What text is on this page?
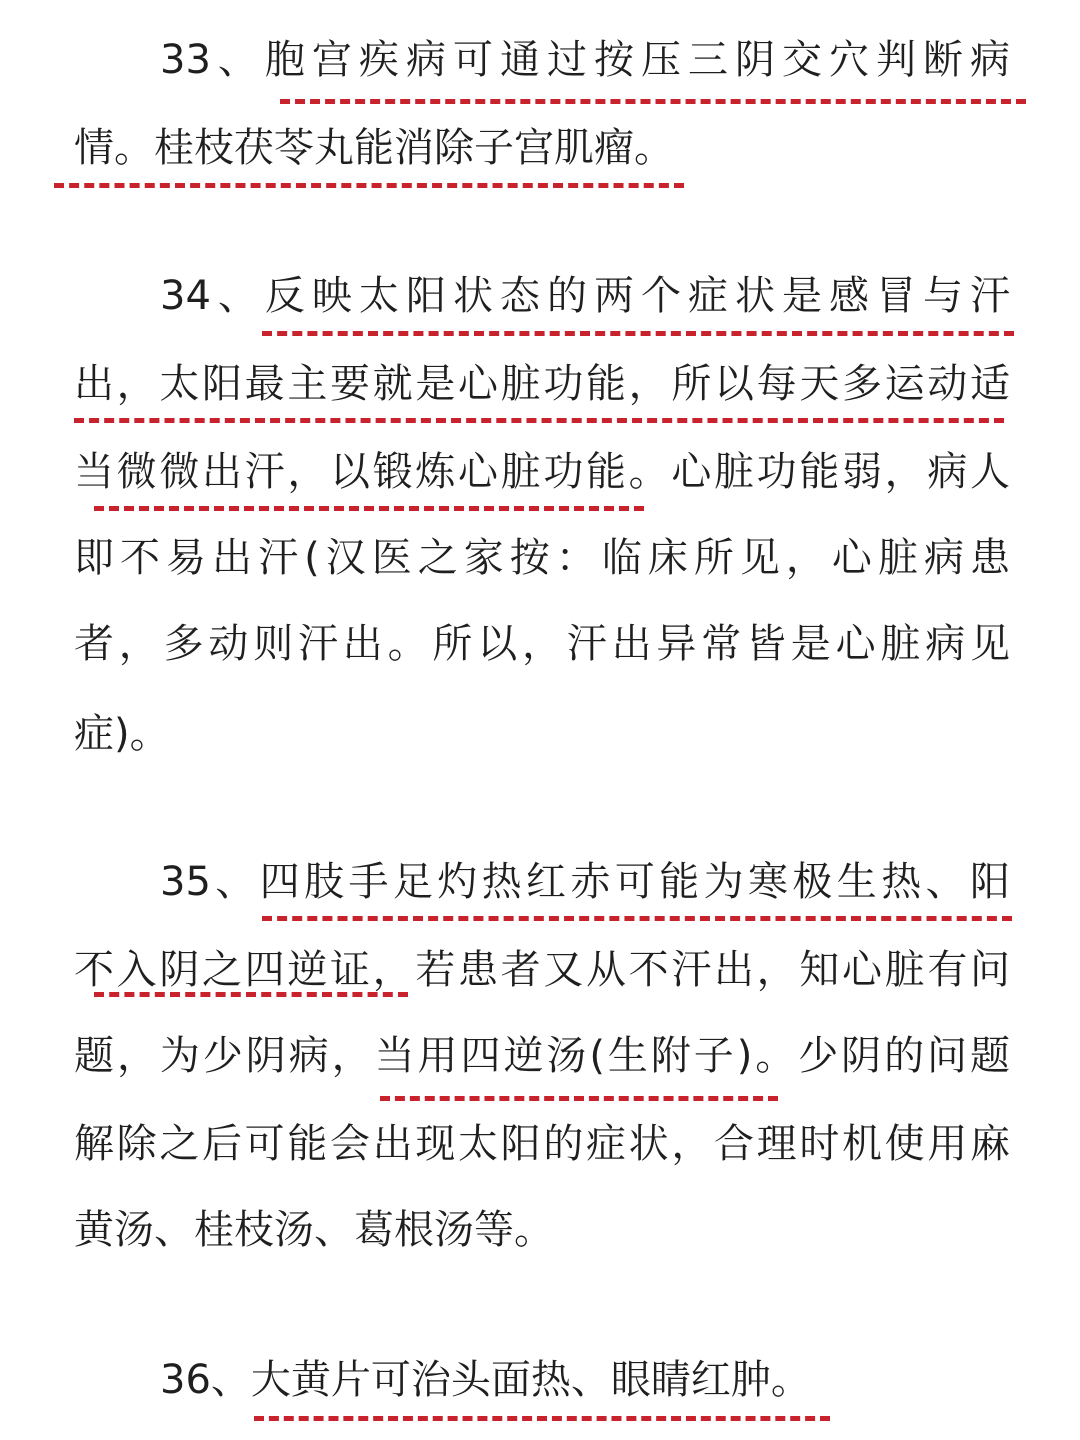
33、胞宫疾病可通过按压三阴交穴判断病
情。桂枝茯苓丸能消除子宫肌瘤。
34、反映太阳状态的两个症状是感冒与汗
出，太阳最主要就是心脏功能，所以每天多运动适
当微微出汗，以锻炼心脏功能。心脏功能弱，病人
即不易出汗(汉医之家按：临床所见，心脏病患
者，多动则汗出。所以，汗出异常皆是心脏病见
症)。
35、四肢手足灼热红赤可能为寒极生热、阳
不入阴之四逆证，若患者又从不汗出，知心脏有问
题，为少阴病，当用四逆汤(生附子)。少阴的问题
解除之后可能会出现太阳的症状，合理时机使用麻
黄汤、桂枝汤、葛根汤等。
36、大黄片可治头面热、眼睛红肿。
